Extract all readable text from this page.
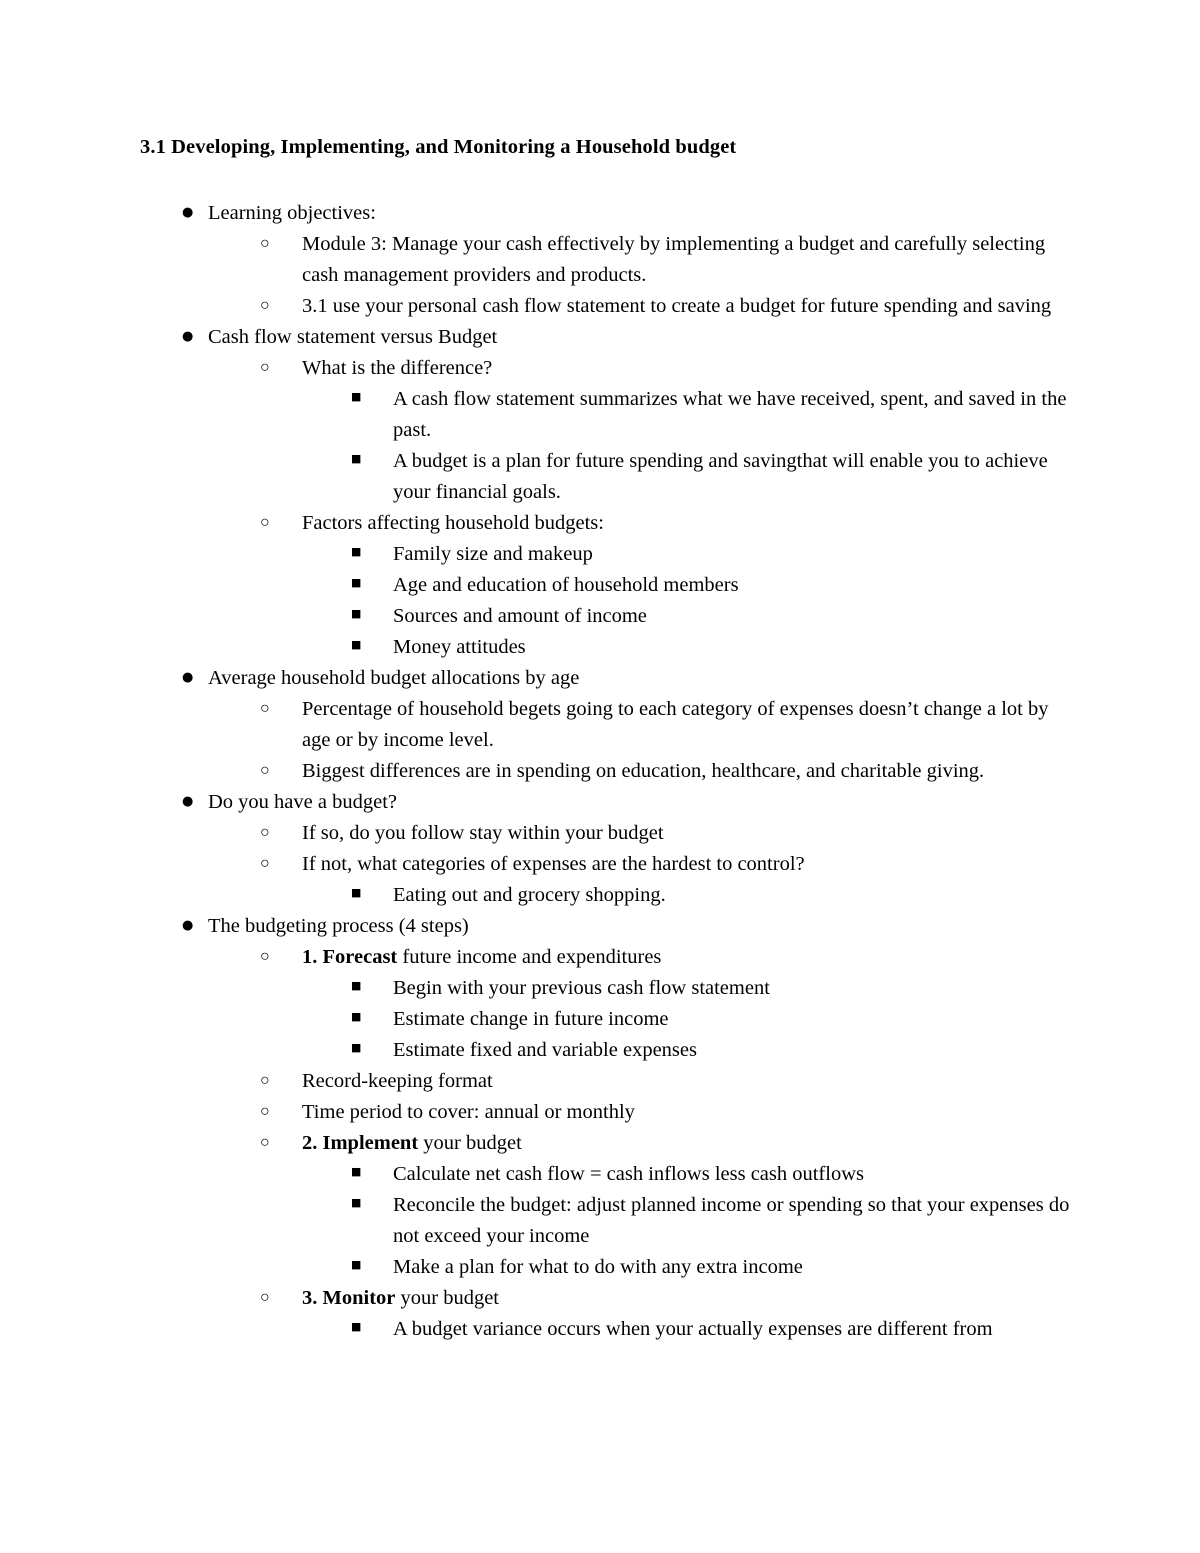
3.1 Developing, Implementing, and Monitoring a Household budget
● Learning objectives:
○ Module 3: Manage your cash effectively by implementing a budget and carefully selecting cash management providers and products.
○ 3.1 use your personal cash flow statement to create a budget for future spending and saving
● Cash flow statement versus Budget
○ What is the difference?
■ A cash flow statement summarizes what we have received, spent, and saved in the past.
■ A budget is a plan for future spending and savingthat will enable you to achieve your financial goals.
○ Factors affecting household budgets:
■ Family size and makeup
■ Age and education of household members
■ Sources and amount of income
■ Money attitudes
● Average household budget allocations by age
○ Percentage of household begets going to each category of expenses doesn’t change a lot by age or by income level.
○ Biggest differences are in spending on education, healthcare, and charitable giving.
● Do you have a budget?
○ If so, do you follow stay within your budget
○ If not, what categories of expenses are the hardest to control?
■ Eating out and grocery shopping.
● The budgeting process (4 steps)
○ 1. Forecast future income and expenditures
■ Begin with your previous cash flow statement
■ Estimate change in future income
■ Estimate fixed and variable expenses
○ Record-keeping format
○ Time period to cover: annual or monthly
○ 2. Implement your budget
■ Calculate net cash flow = cash inflows less cash outflows
■ Reconcile the budget: adjust planned income or spending so that your expenses do not exceed your income
■ Make a plan for what to do with any extra income
○ 3. Monitor your budget
■ A budget variance occurs when your actually expenses are different from
